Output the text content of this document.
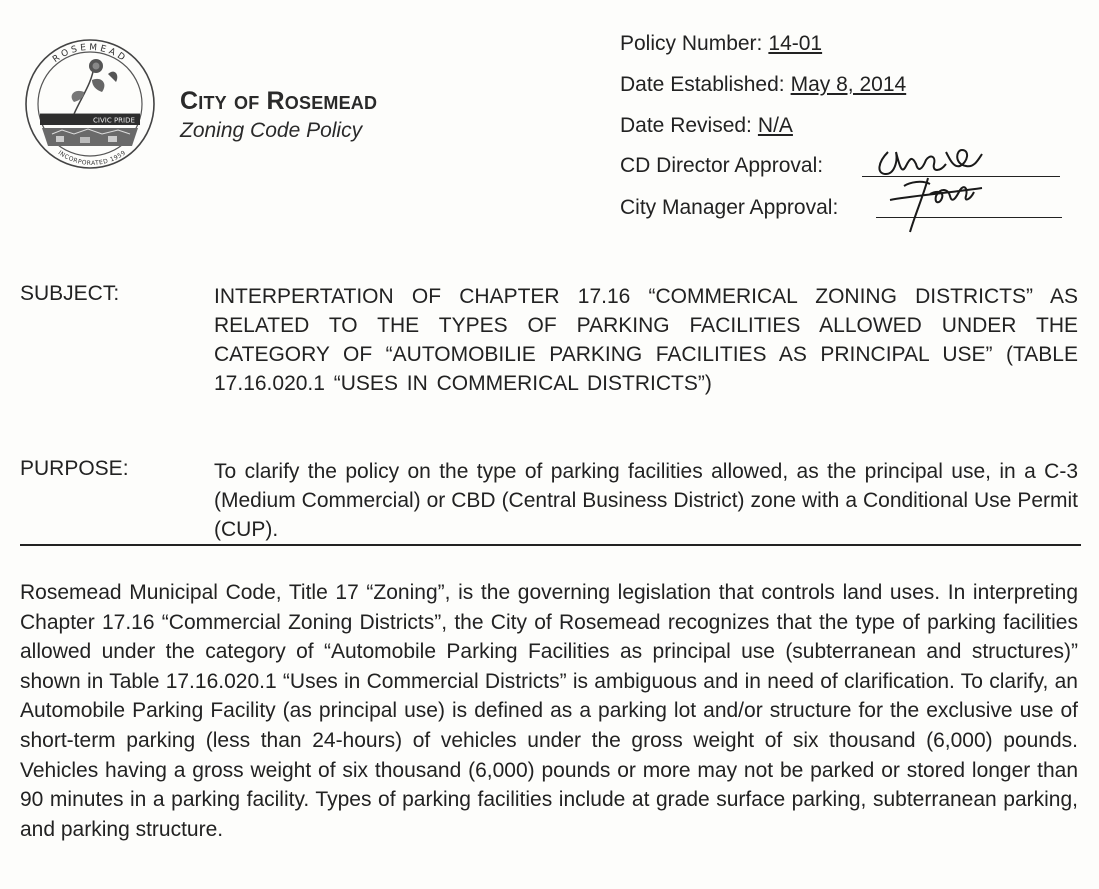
ROSEMEAD
INCORPORATED 1959
CIVIC PRIDE
City of Rosemead
Zoning Code Policy
Policy Number: 14-01
Date Established: May 8, 2014
Date Revised: N/A
CD Director Approval:
City Manager Approval:
SUBJECT:	INTERPERTATION OF CHAPTER 17.16 “COMMERICAL ZONING DISTRICTS” AS RELATED TO THE TYPES OF PARKING FACILITIES ALLOWED UNDER THE CATEGORY OF “AUTOMOBILIE PARKING FACILITIES AS PRINCIPAL USE” (TABLE 17.16.020.1 “USES IN COMMERICAL DISTRICTS”)
PURPOSE:	To clarify the policy on the type of parking facilities allowed, as the principal use, in a C-3 (Medium Commercial) or CBD (Central Business District) zone with a Conditional Use Permit (CUP).
Rosemead Municipal Code, Title 17 “Zoning”, is the governing legislation that controls land uses. In interpreting Chapter 17.16 “Commercial Zoning Districts”, the City of Rosemead recognizes that the type of parking facilities allowed under the category of “Automobile Parking Facilities as principal use (subterranean and structures)” shown in Table 17.16.020.1 “Uses in Commercial Districts” is ambiguous and in need of clarification. To clarify, an Automobile Parking Facility (as principal use) is defined as a parking lot and/or structure for the exclusive use of short-term parking (less than 24-hours) of vehicles under the gross weight of six thousand (6,000) pounds. Vehicles having a gross weight of six thousand (6,000) pounds or more may not be parked or stored longer than 90 minutes in a parking facility. Types of parking facilities include at grade surface parking, subterranean parking, and parking structure.
